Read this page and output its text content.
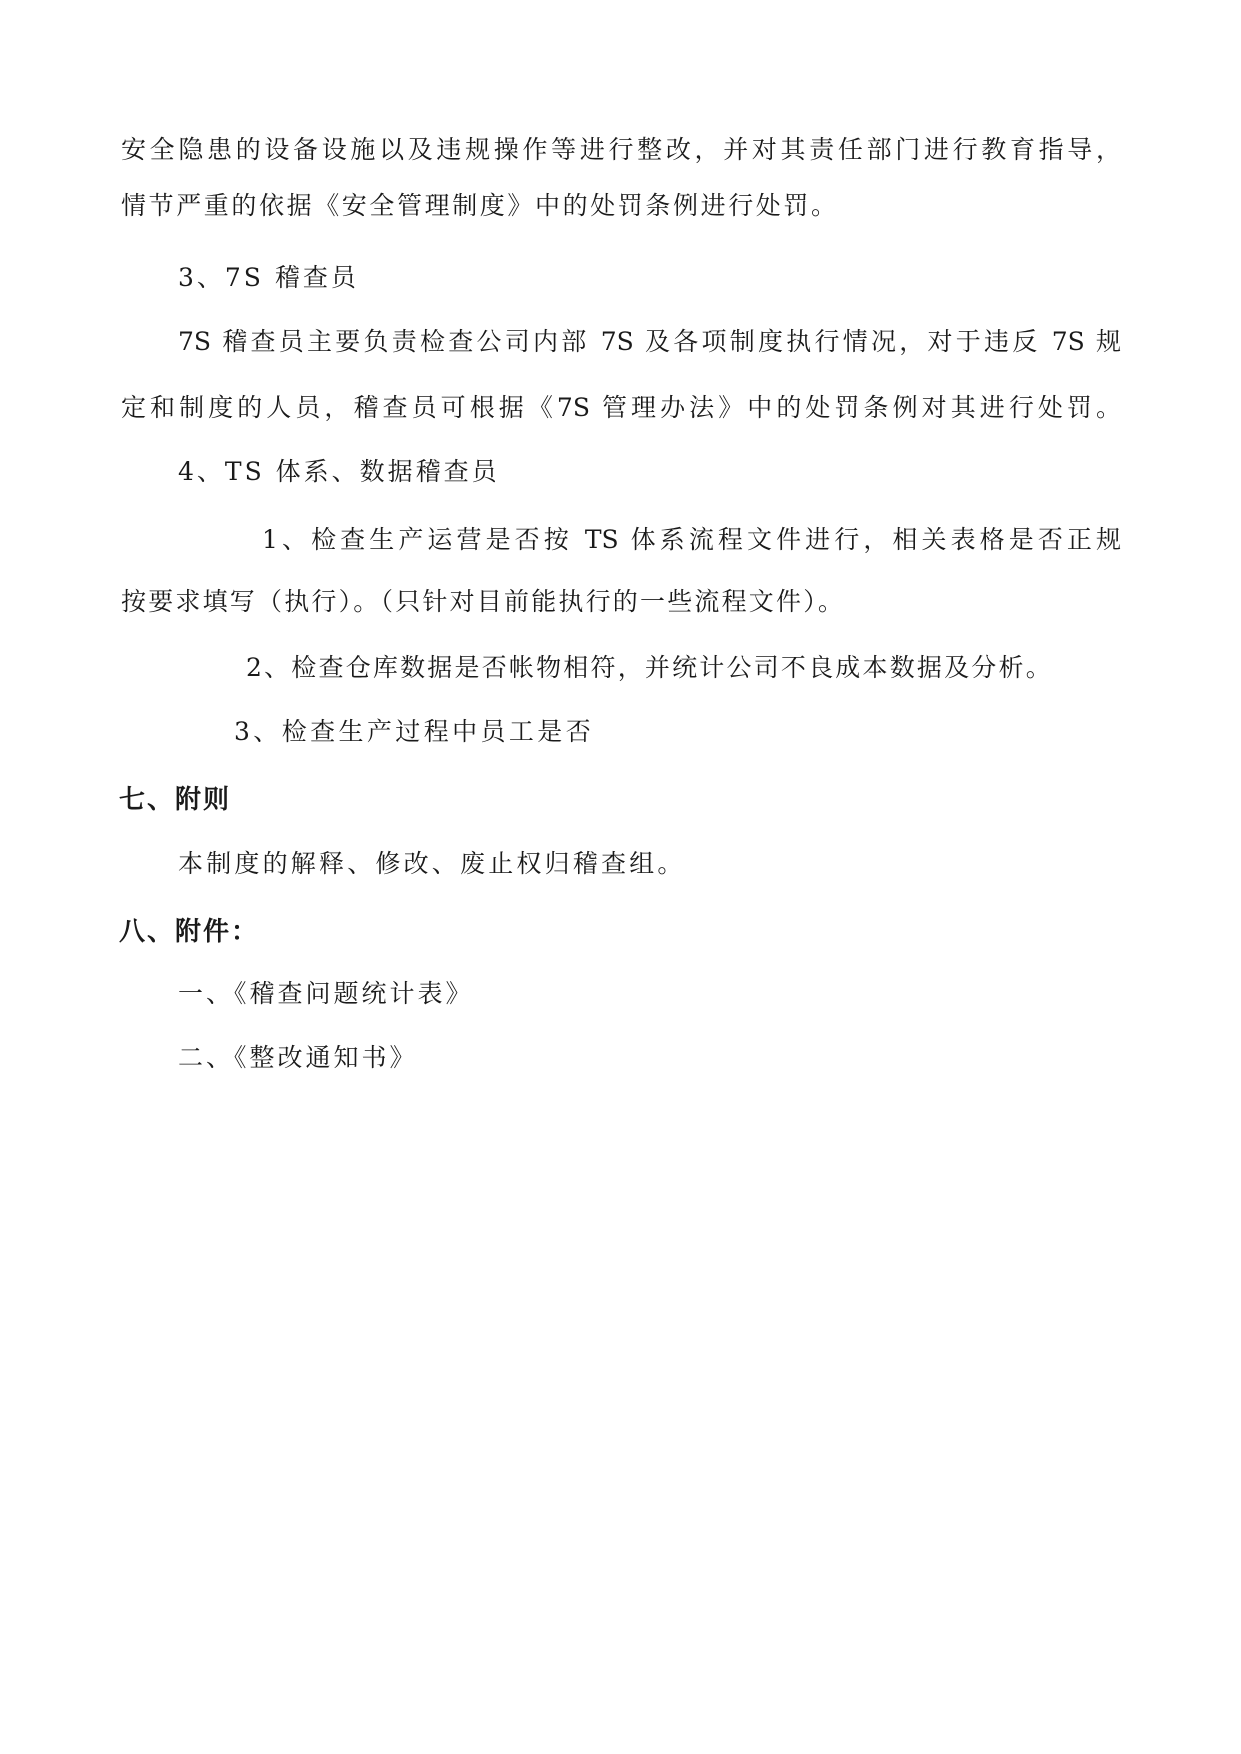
安全隐患的设备设施以及违规操作等进行整改，并对其责任部门进行教育指导，
情节严重的依据《安全管理制度》中的处罚条例进行处罚。
3、7S 稽查员
7S 稽查员主要负责检查公司内部 7S 及各项制度执行情况，对于违反 7S 规
定和制度的人员，稽查员可根据《7S 管理办法》中的处罚条例对其进行处罚。
4、TS 体系、数据稽查员
1、检查生产运营是否按 TS 体系流程文件进行，相关表格是否正规
按要求填写（执行）。（只针对目前能执行的一些流程文件）。
2、检查仓库数据是否帐物相符，并统计公司不良成本数据及分析。
3、检查生产过程中员工是否
七、附则
本制度的解释、修改、废止权归稽查组。
八、附件：
一、《稽查问题统计表》
二、《整改通知书》
